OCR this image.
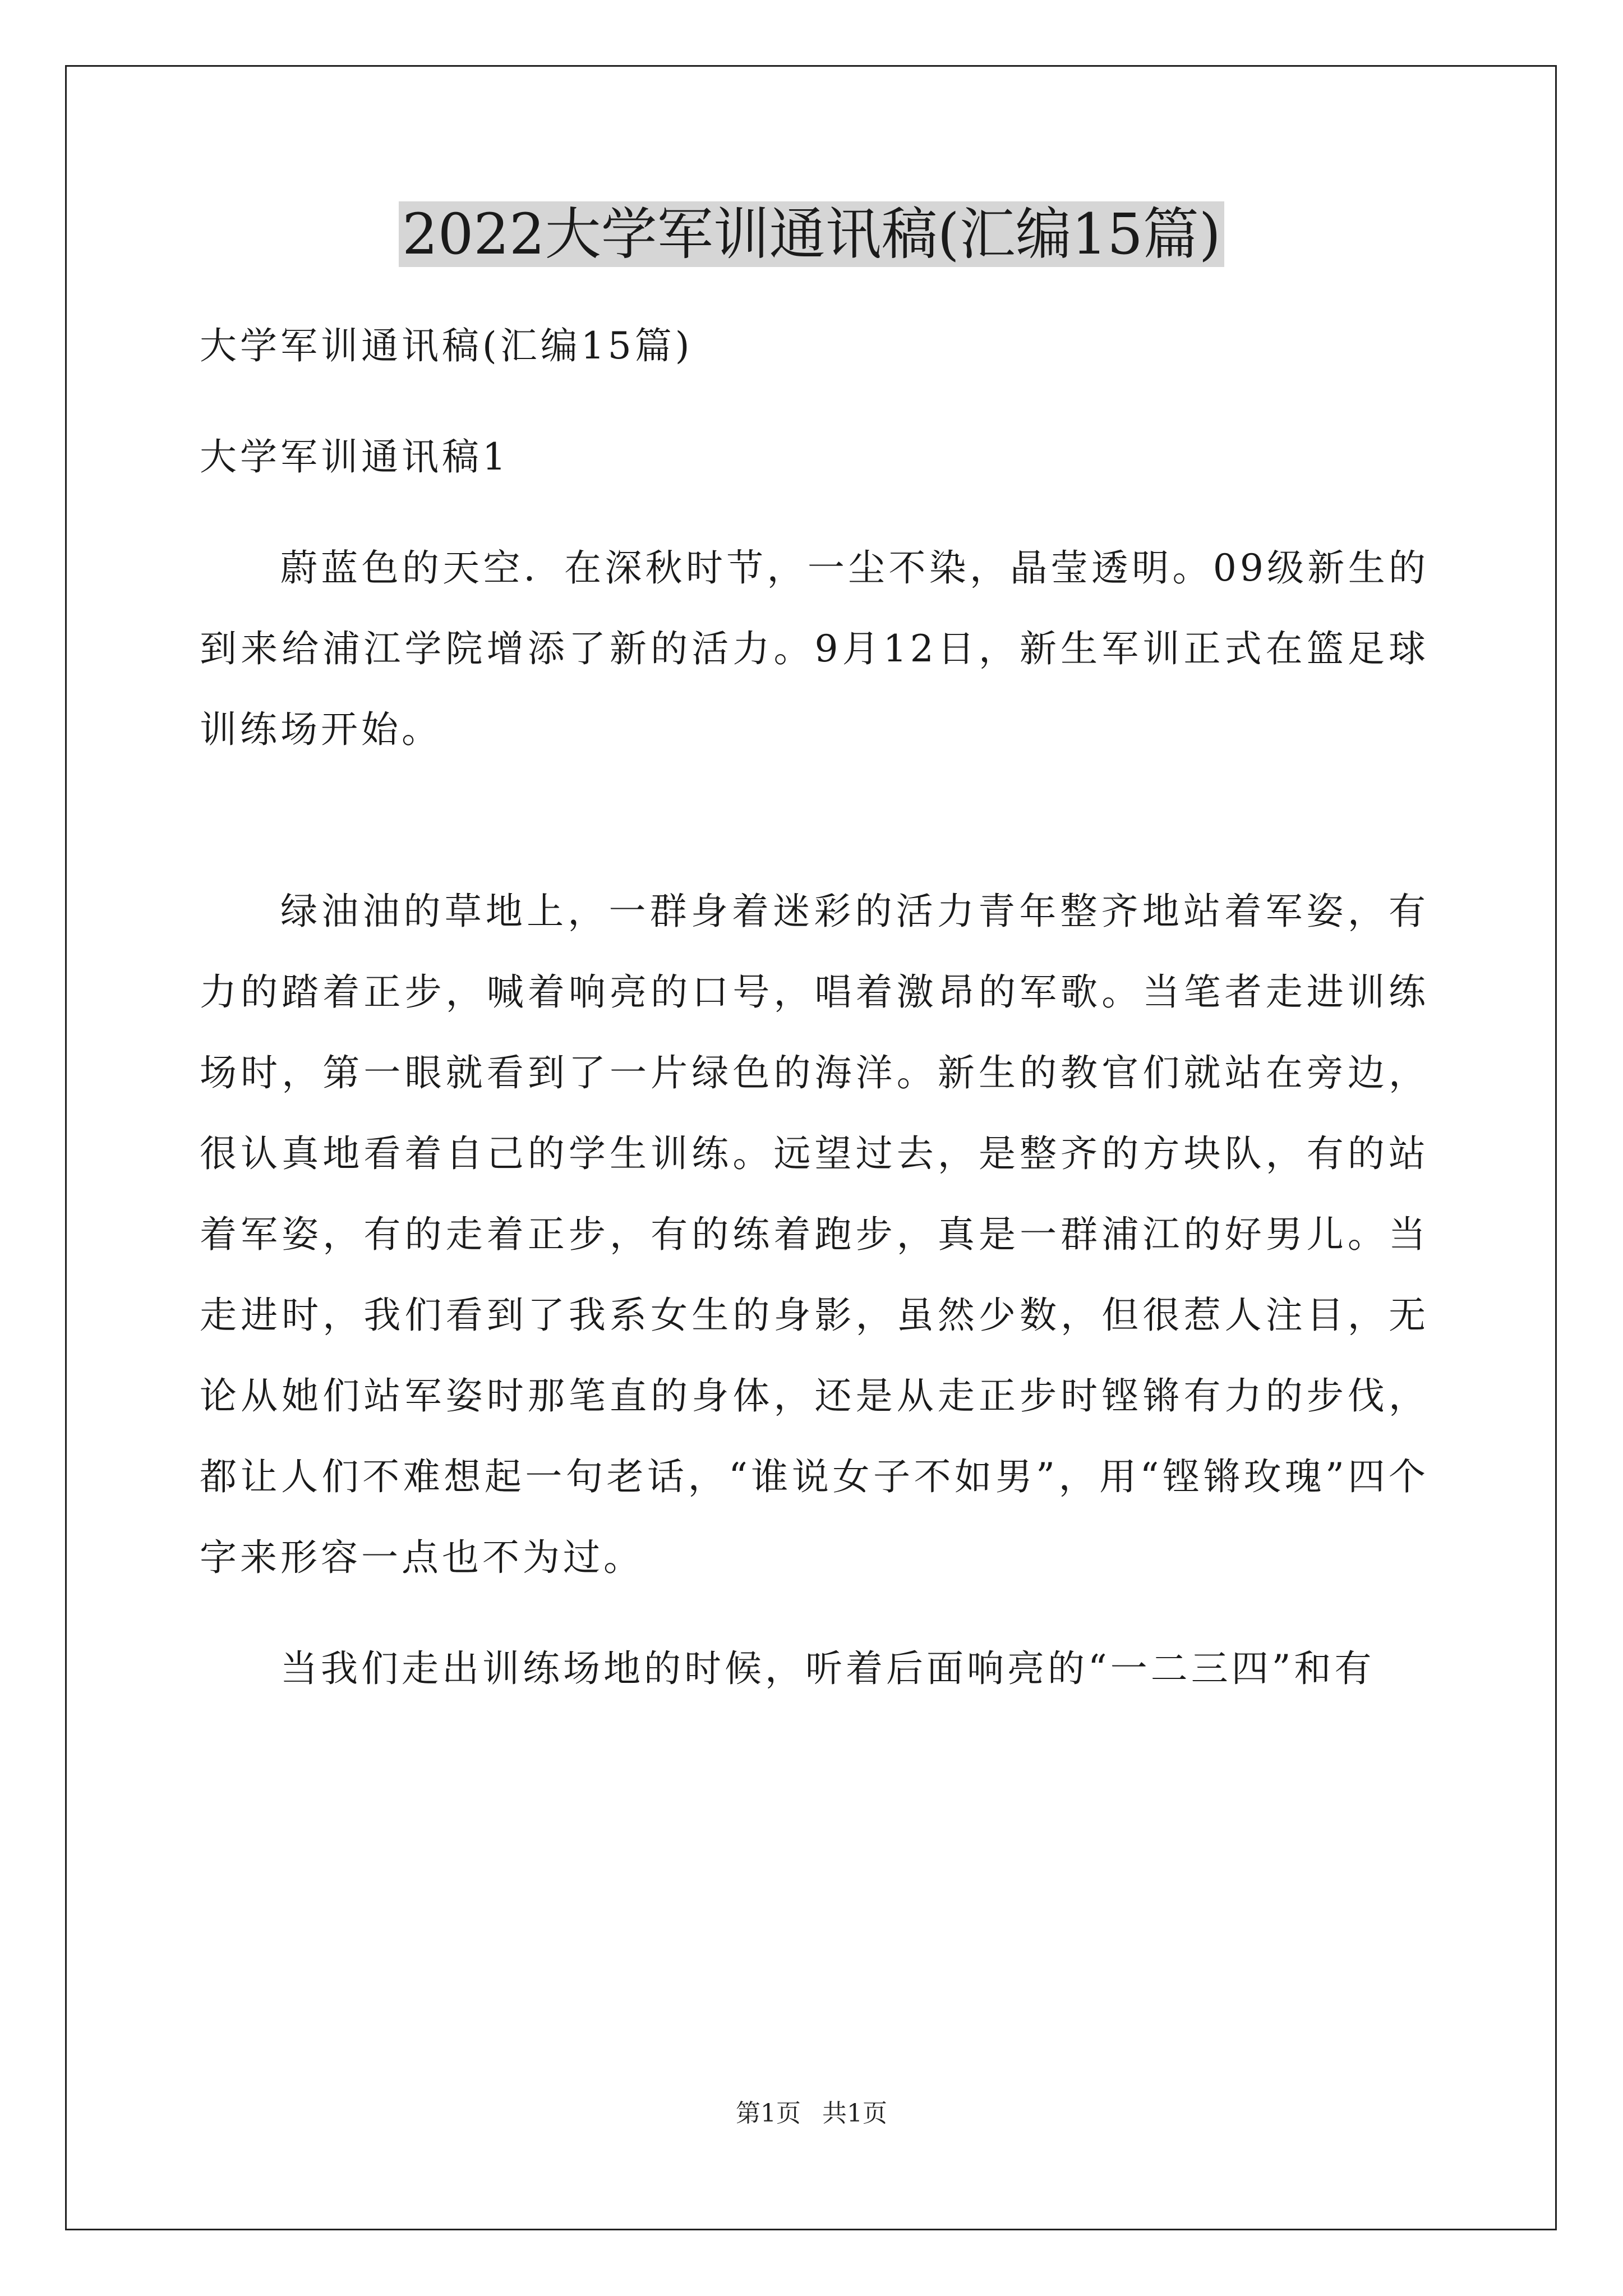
2022大学军训通讯稿(汇编15篇)

大学军训通讯稿(汇编15篇)

大学军训通讯稿1

蔚蓝色的天空．在深秋时节，一尘不染，晶莹透明。09级新生的到来给浦江学院增添了新的活力。9月12日，新生军训正式在篮足球训练场开始。

绿油油的草地上，一群身着迷彩的活力青年整齐地站着军姿，有力的踏着正步，喊着响亮的口号，唱着激昂的军歌。当笔者走进训练场时，第一眼就看到了一片绿色的海洋。新生的教官们就站在旁边，很认真地看着自己的学生训练。远望过去，是整齐的方块队，有的站着军姿，有的走着正步，有的练着跑步，真是一群浦江的好男儿。当走进时，我们看到了我系女生的身影，虽然少数，但很惹人注目，无论从她们站军姿时那笔直的身体，还是从走正步时铿锵有力的步伐，都让人们不难想起一句老话，“谁说女子不如男”，用“铿锵玫瑰”四个字来形容一点也不为过。

当我们走出训练场地的时候，听着后面响亮的“一二三四”和有

第1页 共1页
